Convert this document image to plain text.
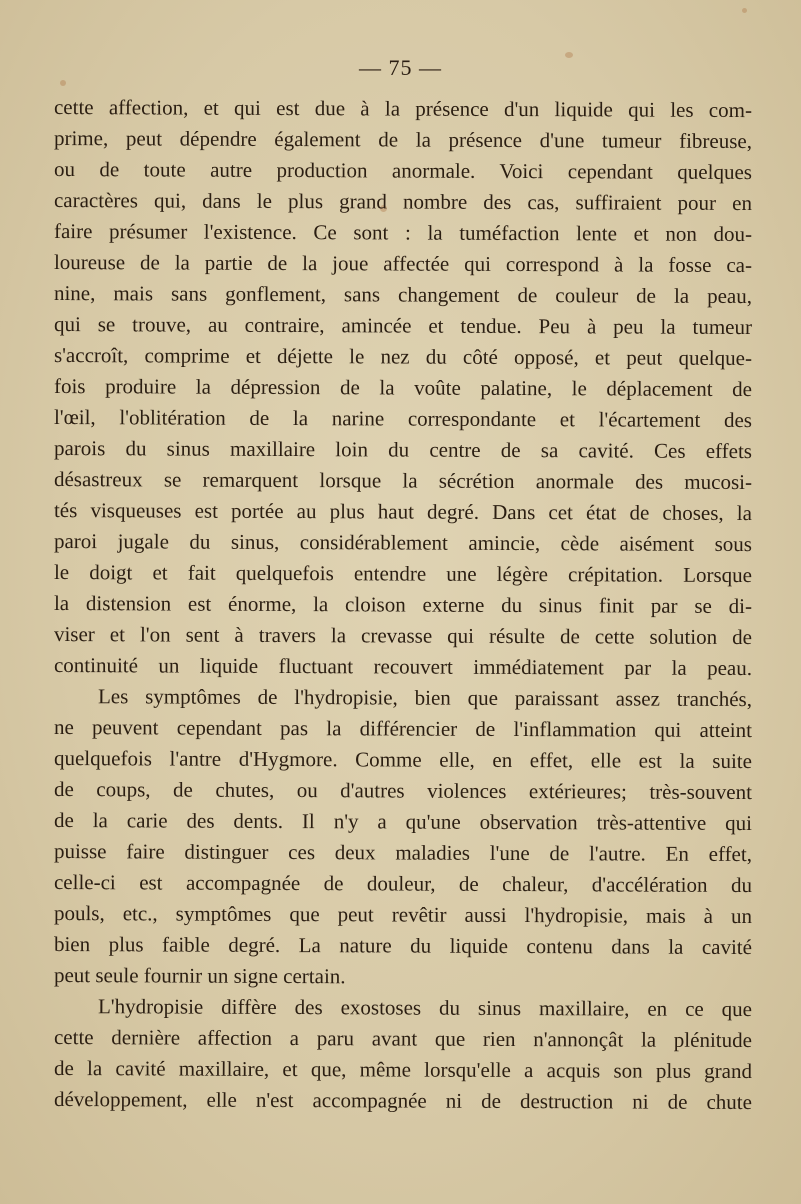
— 75 —
cette affection, et qui est due à la présence d'un liquide qui les com-
prime, peut dépendre également de la présence d'une tumeur fibreuse,
ou de toute autre production anormale. Voici cependant quelques
caractères qui, dans le plus grand nombre des cas, suffiraient pour en
faire présumer l'existence. Ce sont : la tuméfaction lente et non dou-
loureuse de la partie de la joue affectée qui correspond à la fosse ca-
nine, mais sans gonflement, sans changement de couleur de la peau,
qui se trouve, au contraire, amincée et tendue. Peu à peu la tumeur
s'accroît, comprime et déjette le nez du côté opposé, et peut quelque-
fois produire la dépression de la voûte palatine, le déplacement de
l'œil, l'oblitération de la narine correspondante et l'écartement des
parois du sinus maxillaire loin du centre de sa cavité. Ces effets
désastreux se remarquent lorsque la sécrétion anormale des mucosi-
tés visqueuses est portée au plus haut degré. Dans cet état de choses, la
paroi jugale du sinus, considérablement amincie, cède aisément sous
le doigt et fait quelquefois entendre une légère crépitation. Lorsque
la distension est énorme, la cloison externe du sinus finit par se di-
viser et l'on sent à travers la crevasse qui résulte de cette solution de
continuité un liquide fluctuant recouvert immédiatement par la peau.
Les symptômes de l'hydropisie, bien que paraissant assez tranchés,
ne peuvent cependant pas la différencier de l'inflammation qui atteint
quelquefois l'antre d'Hygmore. Comme elle, en effet, elle est la suite
de coups, de chutes, ou d'autres violences extérieures; très-souvent
de la carie des dents. Il n'y a qu'une observation très-attentive qui
puisse faire distinguer ces deux maladies l'une de l'autre. En effet,
celle-ci est accompagnée de douleur, de chaleur, d'accélération du
pouls, etc., symptômes que peut revêtir aussi l'hydropisie, mais à un
bien plus faible degré. La nature du liquide contenu dans la cavité
peut seule fournir un signe certain.
L'hydropisie diffère des exostoses du sinus maxillaire, en ce que
cette dernière affection a paru avant que rien n'annonçât la plénitude
de la cavité maxillaire, et que, même lorsqu'elle a acquis son plus grand
développement, elle n'est accompagnée ni de destruction ni de chute
